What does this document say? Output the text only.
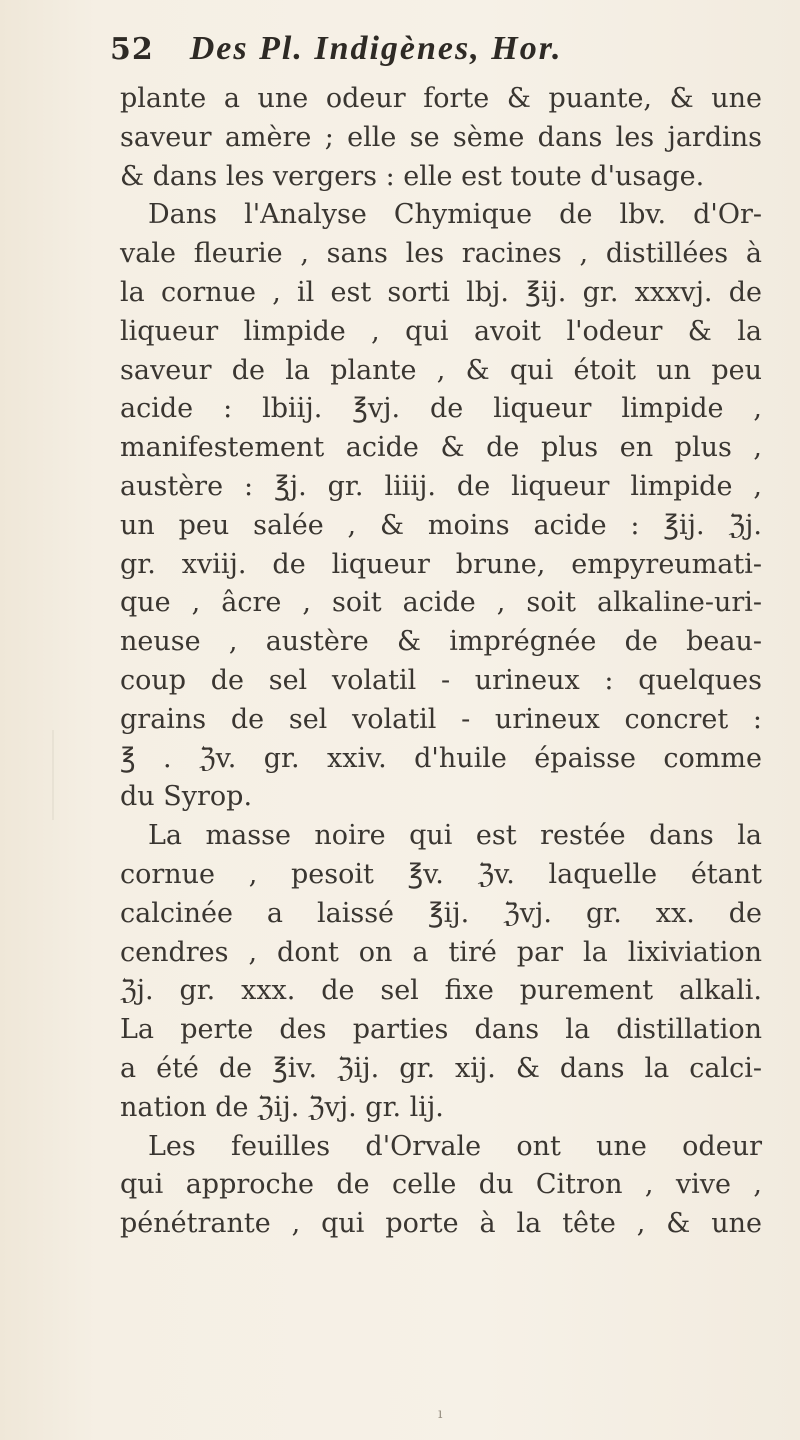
52 Des Pl. Indigènes, Hor.
plante a une odeur forte & puante, & une
saveur amère ; elle se sème dans les jardins
& dans les vergers : elle est toute d'usage.
Dans l'Analyse Chymique de lbv. d'Or-
vale fleurie , sans les racines , distillées à
la cornue , il est sorti lbj. ℥ij. gr. xxxvj. de
liqueur limpide , qui avoit l'odeur & la
saveur de la plante , & qui étoit un peu
acide : lbiij. ℥vj. de liqueur limpide ,
manifestement acide & de plus en plus ,
austère : ℥j. gr. liiij. de liqueur limpide ,
un peu salée , & moins acide : ℥ij. ℨj.
gr. xviij. de liqueur brune, empyreumati-
que , âcre , soit acide , soit alkaline-uri-
neuse , austère & imprégnée de beau-
coup de sel volatil - urineux : quelques
grains de sel volatil - urineux concret :
℥ . ℨv. gr. xxiv. d'huile épaisse comme
du Syrop.
La masse noire qui est restée dans la
cornue , pesoit ℥v. ℨv. laquelle étant
calcinée a laissé ℥ij. ℨvj. gr. xx. de
cendres , dont on a tiré par la lixiviation
ℨj. gr. xxx. de sel fixe purement alkali.
La perte des parties dans la distillation
a été de ℥iv. ℨij. gr. xij. & dans la calci-
nation de ℨij. ℨvj. gr. lij.
Les feuilles d'Orvale ont une odeur
qui approche de celle du Citron , vive ,
pénétrante , qui porte à la tête , & une
ı
